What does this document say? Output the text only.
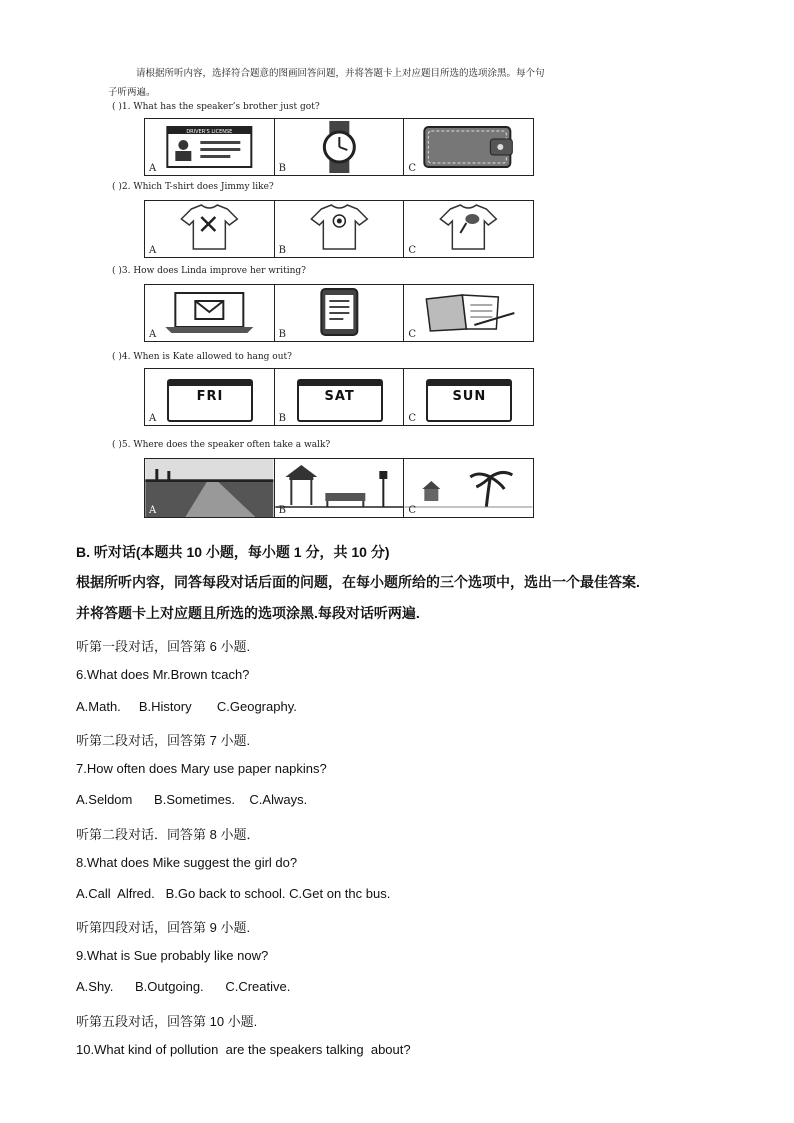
请根据所听内容，选择符合题意的图画回答问题，并将答题卡上对应题目所选的选项涂黑。每个句
子听两遍。
( )1. What has the speaker’s brother just got?
DRIVER'S LICENSE
A	B	C
( )2. Which T-shirt does Jimmy like?
A	B	C
( )3. How does Linda improve her writing?
A	B	C
( )4. When is Kate allowed to hang out?
FRI
A
SAT
B
SUN
C
( )5. Where does the speaker often take a walk?
A	B	C
B. 听对话(本题共 10 小题，每小题 1 分，共 10 分)
根据所听内容，同答每段对话后面的问题，在每小题所给的三个选项中，选出一个最佳答案.
并将答题卡上对应题且所选的选项涂黑.每段对话听两遍.
听第一段对话，回答第 6 小题.
6.What does Mr.Brown tcach?
A.Math.     B.History       C.Geography.
听第二段对话，回答第 7 小题.
7.How often does Mary use paper napkins?
A.Seldom      B.Sometimes.    C.Always.
听第二段对话．同答第 8 小题．
8.What does Mike suggest the girl do?
A.Call  Alfred.   B.Go back to school. C.Get on thc bus.
听第四段对话，回答第 9 小题.
9.What is Sue probably like now?
A.Shy.      B.Outgoing.      C.Creative.
听第五段对话，回答第 10 小题.
10.What kind of pollution  are the speakers talking  about?
